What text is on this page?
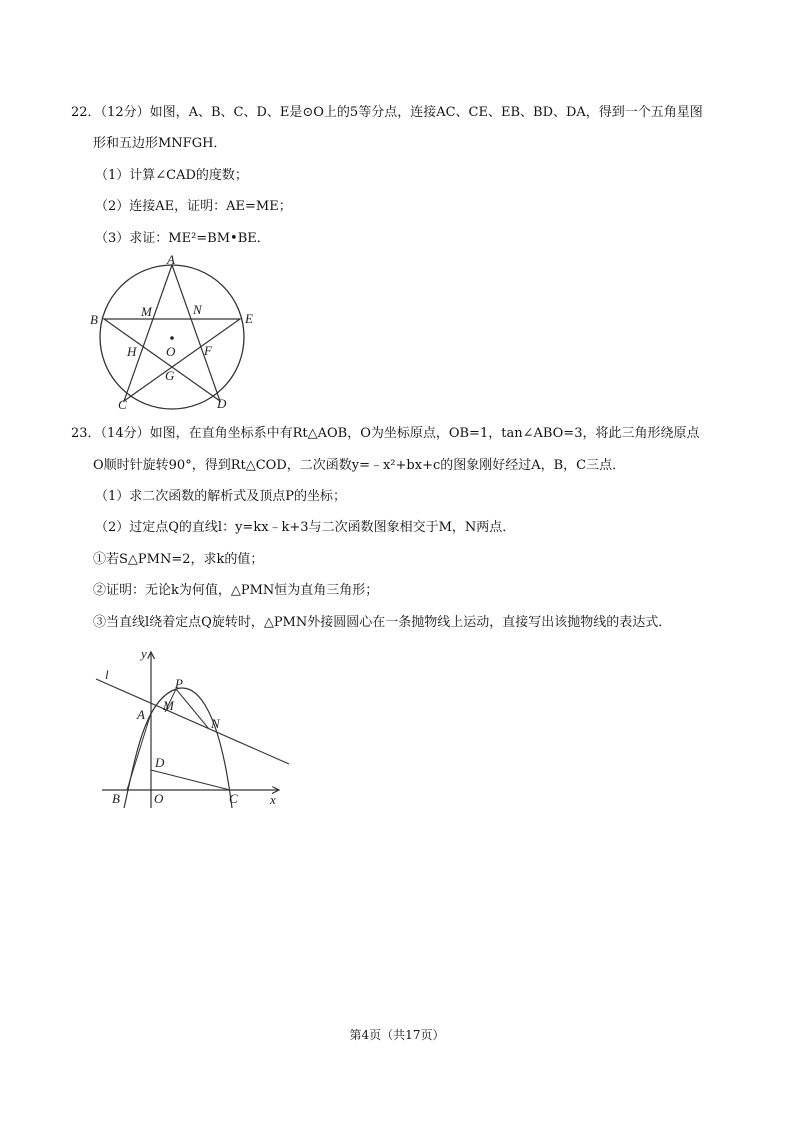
22．（12分）如图，A、B、C、D、E是⊙O上的5等分点，连接AC、CE、EB、BD、DA，得到一个五角星图
形和五边形MNFGH．
（1）计算∠CAD的度数；
（2）连接AE，证明：AE=ME；
（3）求证：ME²=BM•BE．
A
B	E
C	D
M	N
H O F
G
23．（14分）如图，在直角坐标系中有Rt△AOB，O为坐标原点，OB=1，tan∠ABO=3，将此三角形绕原点
O顺时针旋转90°，得到Rt△COD，二次函数y=﹣x²+bx+c的图象刚好经过A，B，C三点．
（1）求二次函数的解析式及顶点P的坐标；
（2）过定点Q的直线l：y=kx﹣k+3与二次函数图象相交于M，N两点．
①若S△PMN=2，求k的值；
②证明：无论k为何值，△PMN恒为直角三角形；
③当直线l绕着定点Q旋转时，△PMN外接圆圆心在一条抛物线上运动，直接写出该抛物线的表达式．
y
x
l
P
M
A
N
D
B	O	C
第4页（共17页）
